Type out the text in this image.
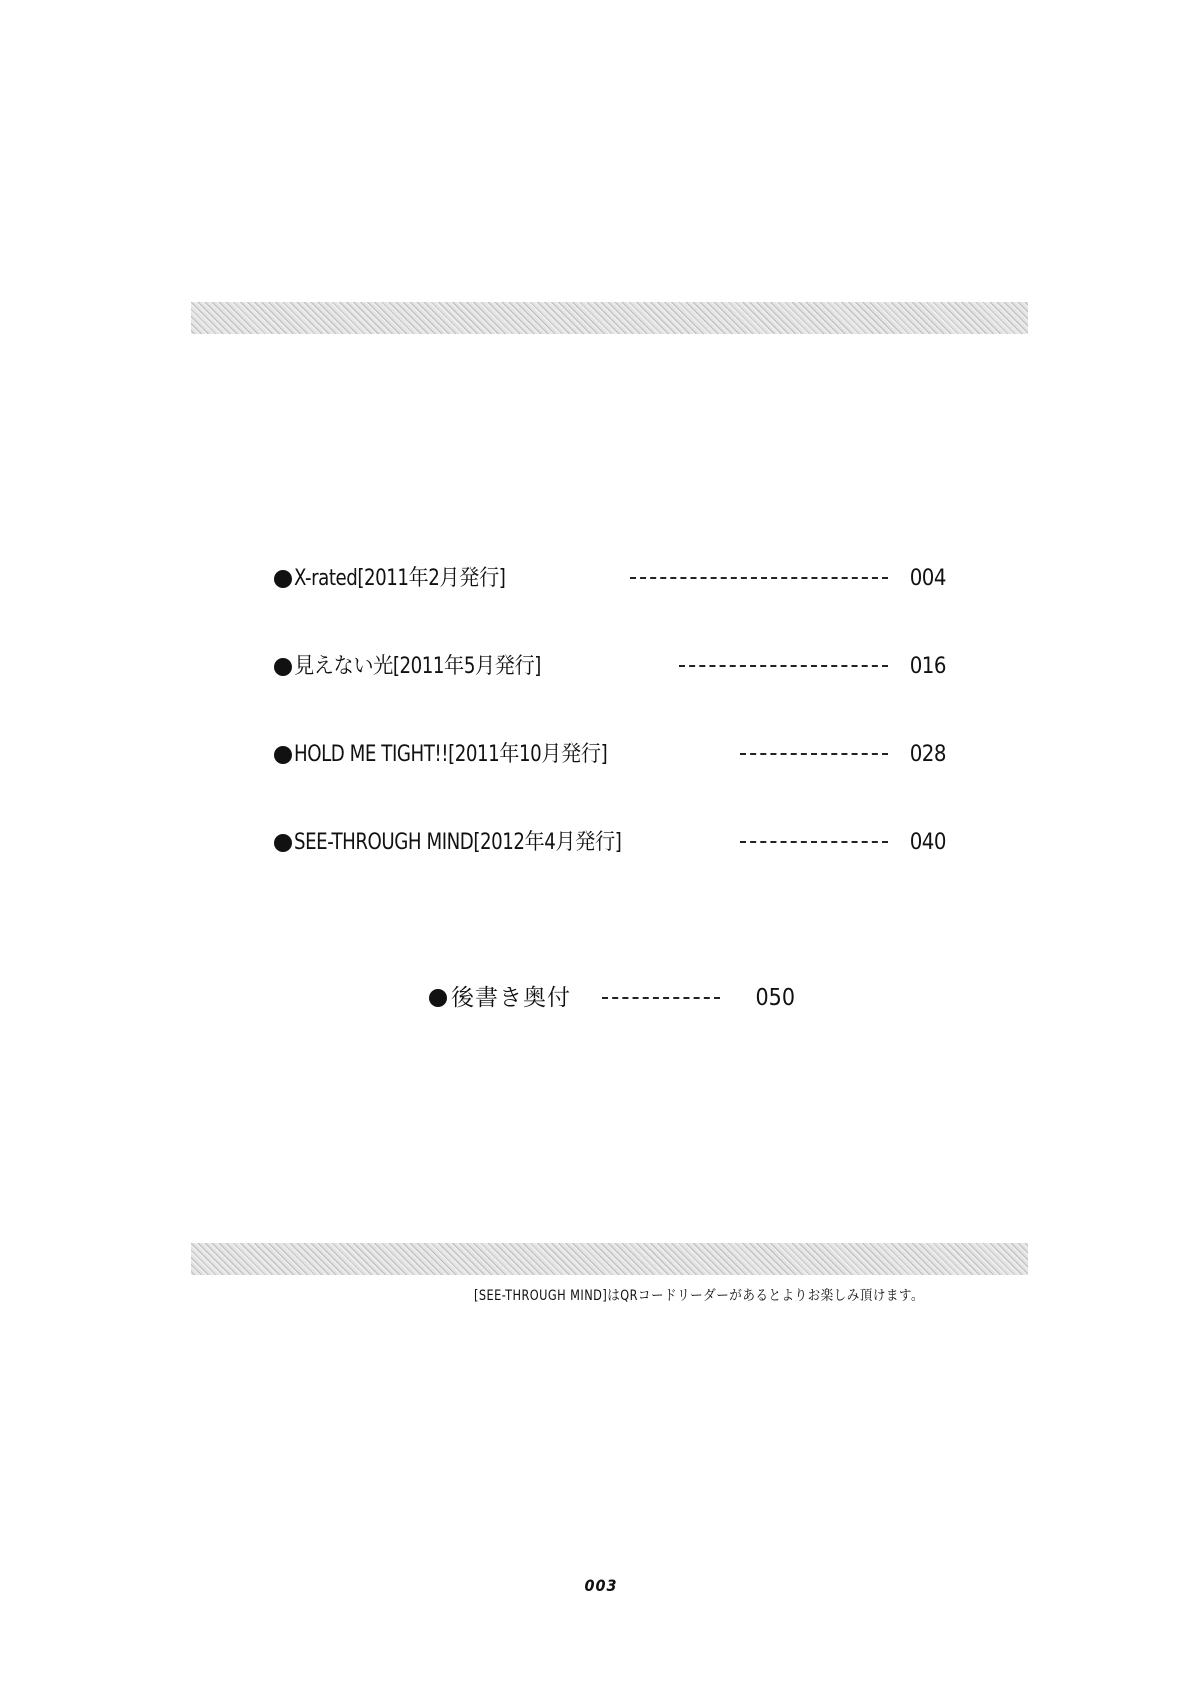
X-rated[2011年2月発行]	004
見えない光[2011年5月発行]	016
HOLD ME TIGHT!![2011年10月発行]	028
SEE-THROUGH MIND[2012年4月発行]	040
後書き奥付	050
[SEE-THROUGH MIND]はQRコードリーダーがあるとよりお楽しみ頂けます。
003
